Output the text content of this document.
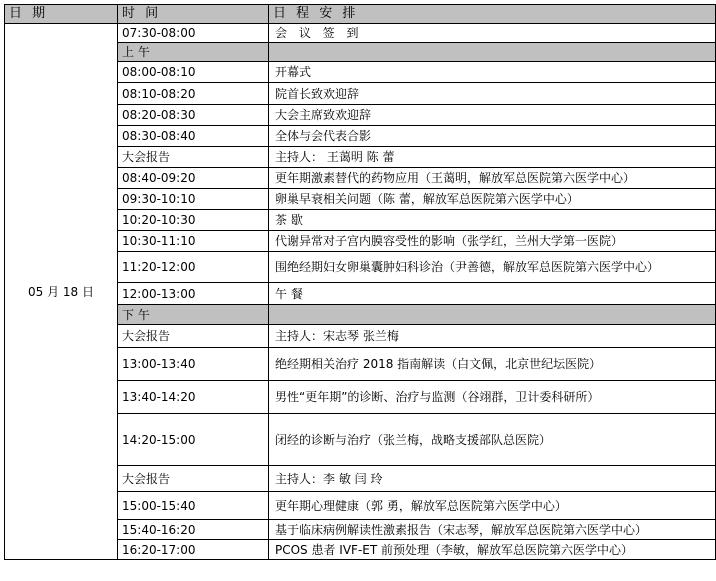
日 期	时 间	日 程 安 排
05 月 18 日	07:30-08:00	会 议 签 到
	上 午	
	08:00-08:10	开幕式
	08:10-08:20	院首长致欢迎辞
	08:20-08:30	大会主席致欢迎辞
	08:30-08:40	全体与会代表合影
	大会报告	主持人： 王蔼明 陈 蕾
	08:40-09:20	更年期激素替代的药物应用（王蔼明，解放军总医院第六医学中心）
	09:30-10:10	卵巢早衰相关问题（陈 蕾，解放军总医院第六医学中心）
	10:20-10:30	茶 歇
	10:30-11:10	代谢异常对子宫内膜容受性的影响（张学红，兰州大学第一医院）
	11:20-12:00	围绝经期妇女卵巢囊肿妇科诊治（尹善德，解放军总医院第六医学中心）
	12:00-13:00	午 餐
	下 午	
	大会报告	主持人：宋志琴 张兰梅
	13:00-13:40	绝经期相关治疗 2018 指南解读（白文佩，北京世纪坛医院）
	13:40-14:20	男性“更年期”的诊断、治疗与监测（谷翊群，卫计委科研所）
	14:20-15:00	闭经的诊断与治疗（张兰梅，战略支援部队总医院）
	大会报告	主持人：李 敏 闫 玲
	15:00-15:40	更年期心理健康（郭 勇，解放军总医院第六医学中心）
	15:40-16:20	基于临床病例解读性激素报告（宋志琴，解放军总医院第六医学中心）
	16:20-17:00	PCOS 患者 IVF-ET 前预处理（李敏，解放军总医院第六医学中心）
